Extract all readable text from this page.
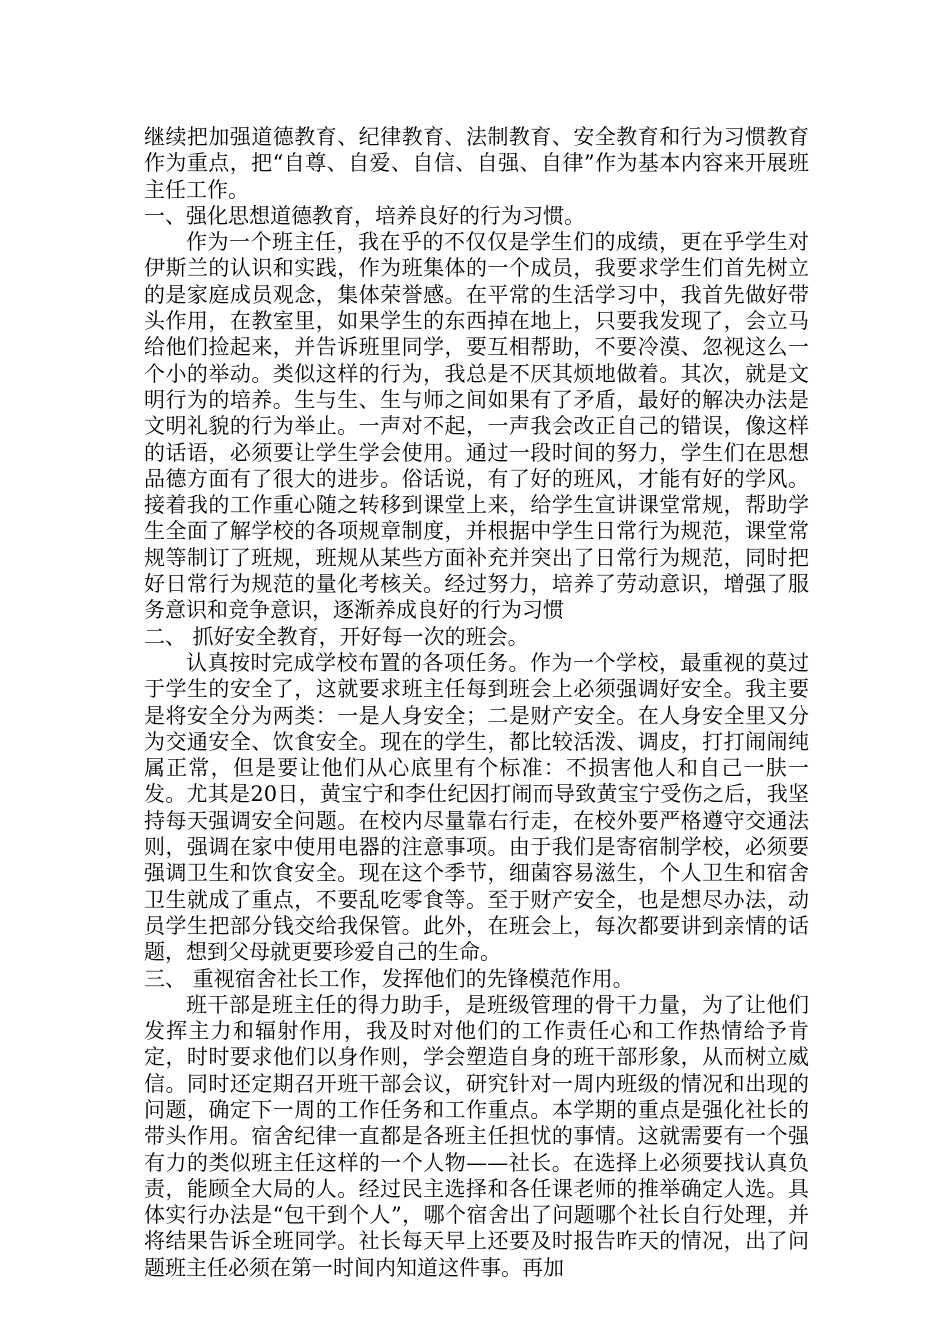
继续把加强道德教育、纪律教育、法制教育、安全教育和行为习惯教育作为重点，把“自尊、自爱、自信、自强、自律”作为基本内容来开展班主任工作。

一、强化思想道德教育，培养良好的行为习惯。

作为一个班主任，我在乎的不仅仅是学生们的成绩，更在乎学生对伊斯兰的认识和实践，作为班集体的一个成员，我要求学生们首先树立的是家庭成员观念，集体荣誉感。在平常的生活学习中，我首先做好带头作用，在教室里，如果学生的东西掉在地上，只要我发现了，会立马给他们捡起来，并告诉班里同学，要互相帮助，不要冷漠、忽视这么一个小的举动。类似这样的行为，我总是不厌其烦地做着。其次，就是文明行为的培养。生与生、生与师之间如果有了矛盾，最好的解决办法是文明礼貌的行为举止。一声对不起，一声我会改正自己的错误，像这样的话语，必须要让学生学会使用。通过一段时间的努力，学生们在思想品德方面有了很大的进步。俗话说，有了好的班风，才能有好的学风。接着我的工作重心随之转移到课堂上来，给学生宣讲课堂常规，帮助学生全面了解学校的各项规章制度，并根据中学生日常行为规范，课堂常规等制订了班规，班规从某些方面补充并突出了日常行为规范，同时把好日常行为规范的量化考核关。经过努力，培养了劳动意识，增强了服务意识和竞争意识，逐渐养成良好的行为习惯

二、 抓好安全教育，开好每一次的班会。

认真按时完成学校布置的各项任务。作为一个学校，最重视的莫过于学生的安全了，这就要求班主任每到班会上必须强调好安全。我主要是将安全分为两类：一是人身安全；二是财产安全。在人身安全里又分为交通安全、饮食安全。现在的学生，都比较活泼、调皮，打打闹闹纯属正常，但是要让他们从心底里有个标准：不损害他人和自己一肤一发。尤其是20日，黄宝宁和李仕纪因打闹而导致黄宝宁受伤之后，我坚持每天强调安全问题。在校内尽量靠右行走，在校外要严格遵守交通法则，强调在家中使用电器的注意事项。由于我们是寄宿制学校，必须要强调卫生和饮食安全。现在这个季节，细菌容易滋生，个人卫生和宿舍卫生就成了重点，不要乱吃零食等。至于财产安全，也是想尽办法，动员学生把部分钱交给我保管。此外，在班会上，每次都要讲到亲情的话题，想到父母就更要珍爱自己的生命。

三、 重视宿舍社长工作，发挥他们的先锋模范作用。

班干部是班主任的得力助手，是班级管理的骨干力量，为了让他们发挥主力和辐射作用，我及时对他们的工作责任心和工作热情给予肯定，时时要求他们以身作则，学会塑造自身的班干部形象，从而树立威信。同时还定期召开班干部会议，研究针对一周内班级的情况和出现的问题，确定下一周的工作任务和工作重点。本学期的重点是强化社长的带头作用。宿舍纪律一直都是各班主任担忧的事情。这就需要有一个强有力的类似班主任这样的一个人物——社长。在选择上必须要找认真负责，能顾全大局的人。经过民主选择和各任课老师的推举确定人选。具体实行办法是“包干到个人”，哪个宿舍出了问题哪个社长自行处理，并将结果告诉全班同学。社长每天早上还要及时报告昨天的情况，出了问题班主任必须在第一时间内知道这件事。再加
